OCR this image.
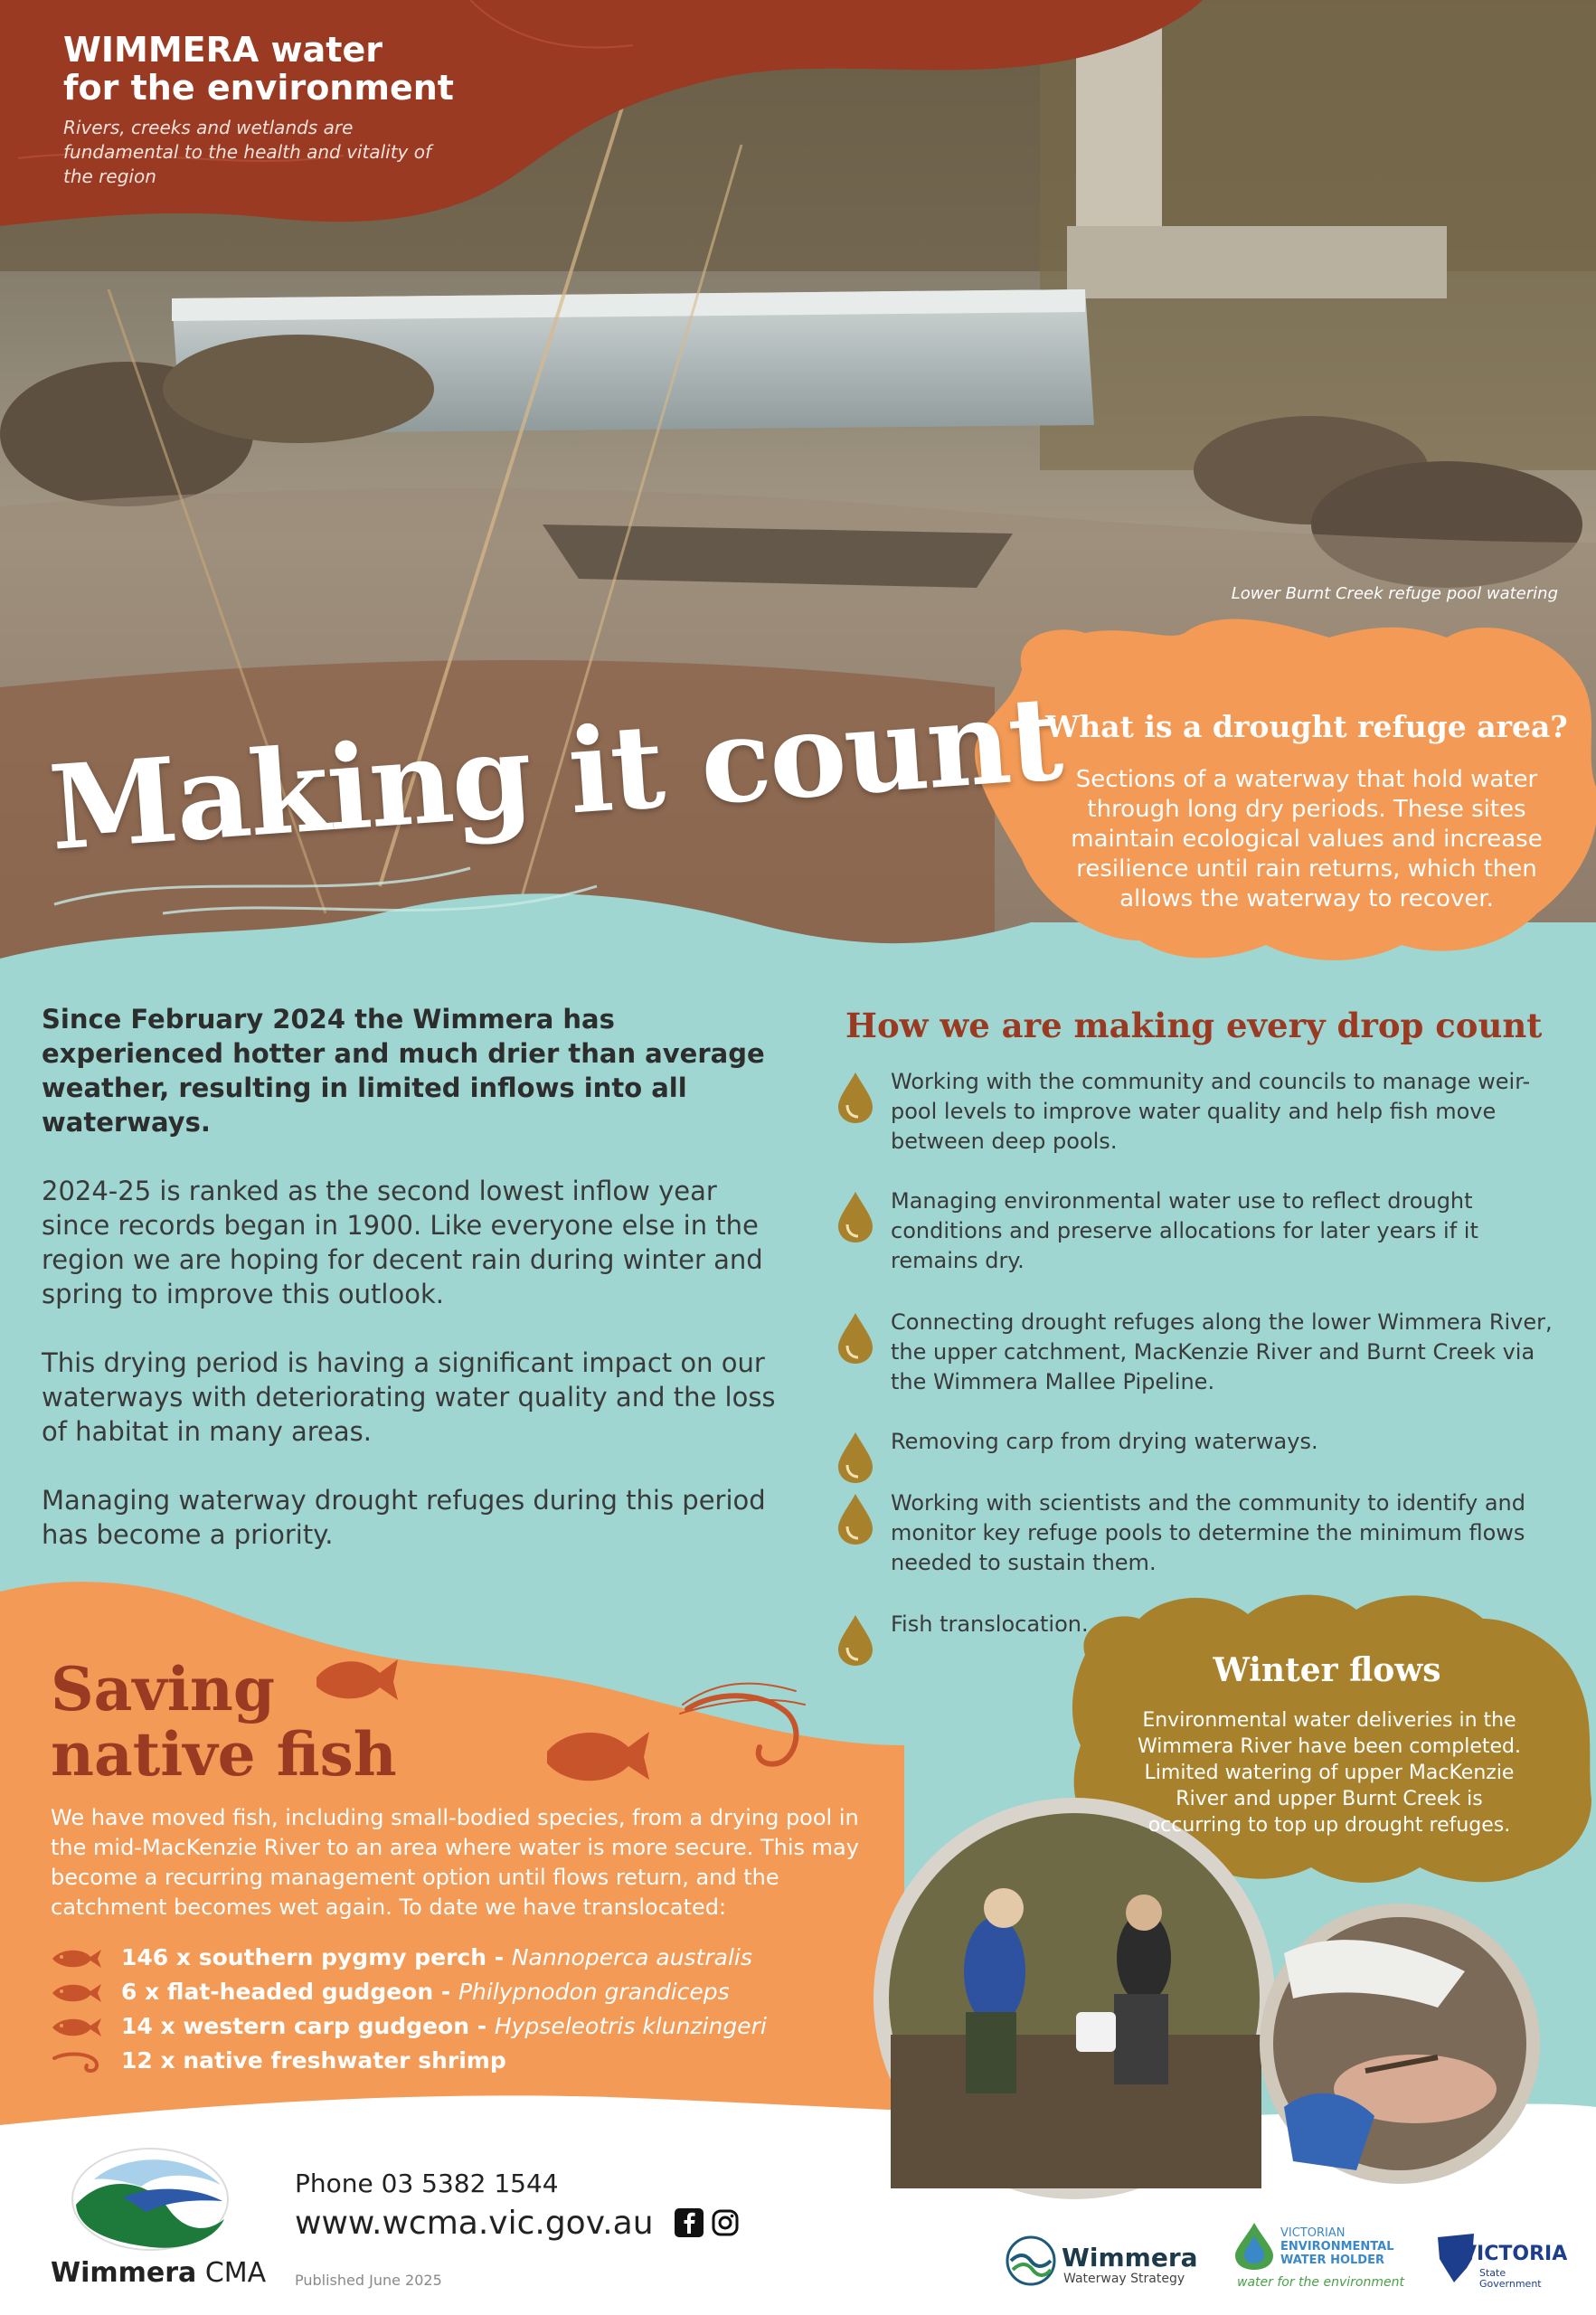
WIMMERA water
for the environment
Rivers, creeks and wetlands are fundamental to the health and vitality of the region
Lower Burnt Creek refuge pool watering
Making it count
What is a drought refuge area?
Sections of a waterway that hold water through long dry periods. These sites maintain ecological values and increase resilience until rain returns, which then allows the waterway to recover.
Since February 2024 the Wimmera has experienced hotter and much drier than average weather, resulting in limited inflows into all waterways.
2024-25 is ranked as the second lowest inflow year since records began in 1900. Like everyone else in the region we are hoping for decent rain during winter and spring to improve this outlook.
This drying period is having a significant impact on our waterways with deteriorating water quality and the loss of habitat in many areas.
Managing waterway drought refuges during this period has become a priority.
How we are making every drop count
Working with the community and councils to manage weir-pool levels to improve water quality and help fish move between deep pools.
Managing environmental water use to reflect drought conditions and preserve allocations for later years if it remains dry.
Connecting drought refuges along the lower Wimmera River, the upper catchment, MacKenzie River and Burnt Creek via the Wimmera Mallee Pipeline.
Removing carp from drying waterways.
Working with scientists and the community to identify and monitor key refuge pools to determine the minimum flows needed to sustain them.
Fish translocation.
Winter flows
Environmental water deliveries in the Wimmera River have been completed. Limited watering of upper MacKenzie River and upper Burnt Creek is occurring to top up drought refuges.
Saving
native fish
We have moved fish, including small-bodied species, from a drying pool in the mid-MacKenzie River to an area where water is more secure. This may become a recurring management option until flows return, and the catchment becomes wet again. To date we have translocated:
146 x southern pygmy perch - Nannoperca australis
6 x flat-headed gudgeon - Philypnodon grandiceps
14 x western carp gudgeon - Hypseleotris klunzingeri
12 x native freshwater shrimp
Wimmera CMA
Phone 03 5382 1544
www.wcma.vic.gov.au
Published June 2025
Wimmera
Waterway Strategy
VICTORIAN
ENVIRONMENTAL
WATER HOLDER
water for the environment
VICTORIA
State
Government
